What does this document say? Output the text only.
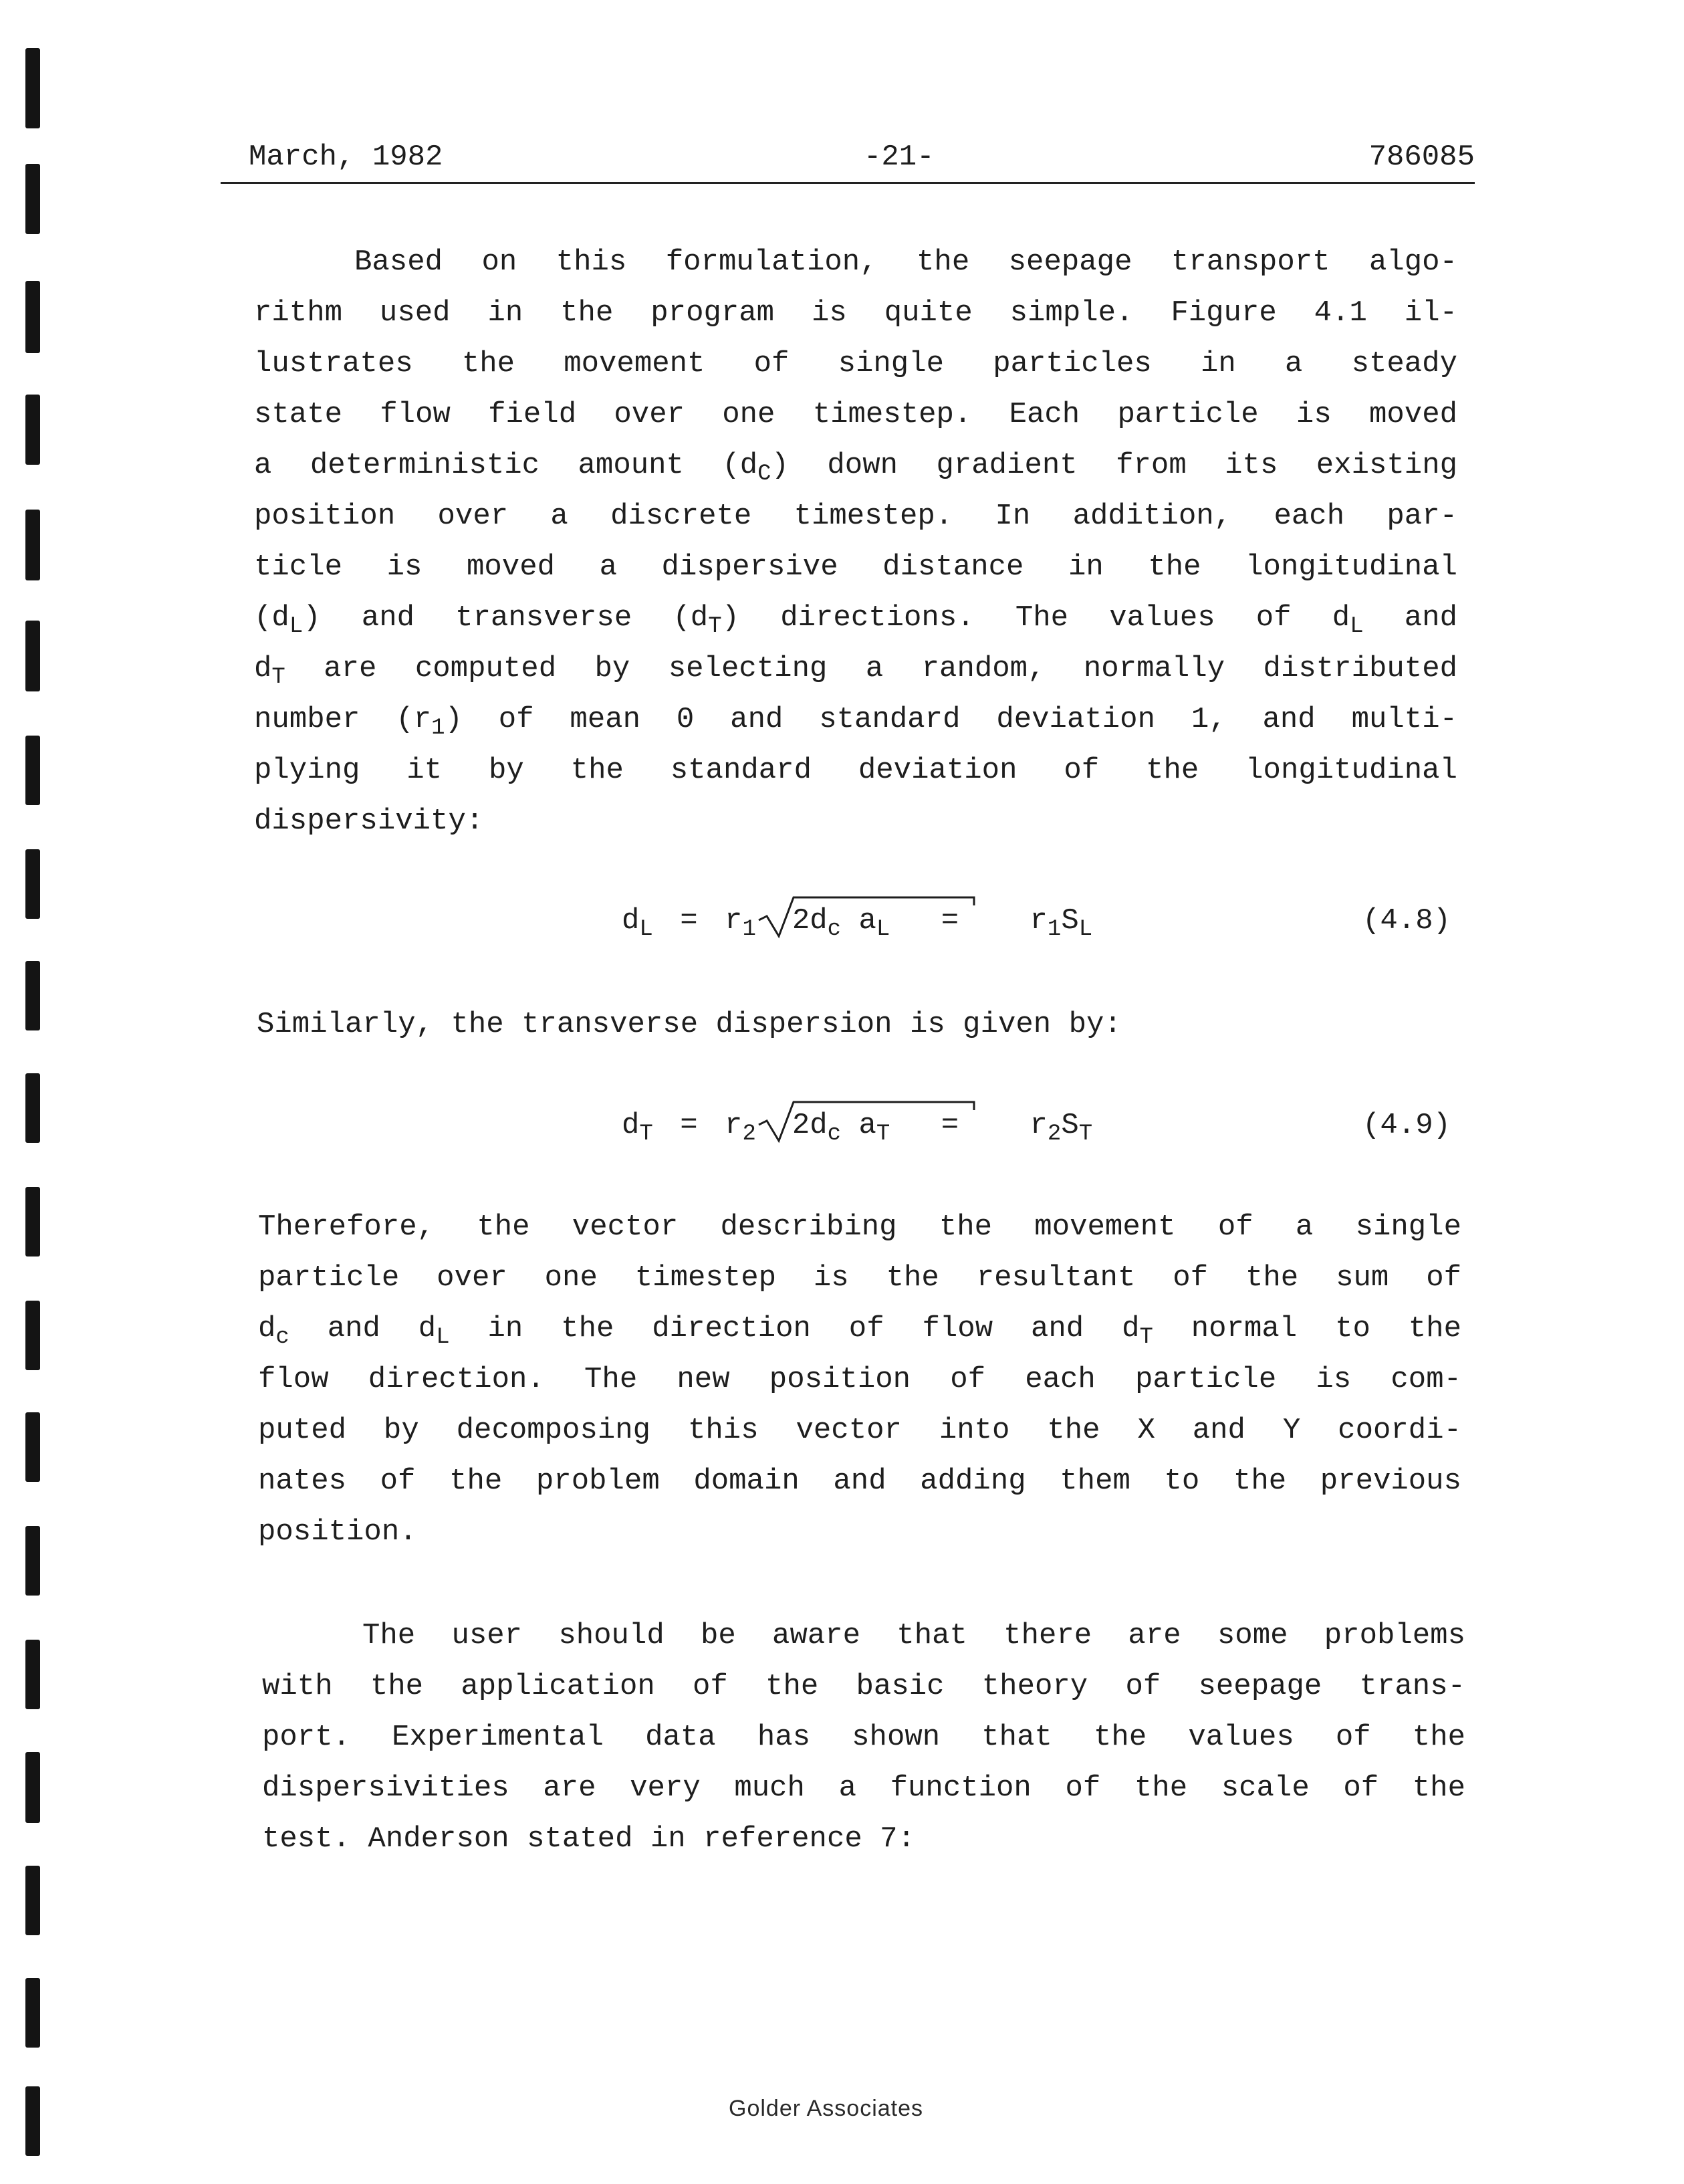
March, 1982	-21-	786085
Based on this formulation, the seepage transport algo-
rithm used in the program is quite simple. Figure 4.1 il-
lustrates the movement of single particles in a steady
state flow field over one timestep. Each particle is moved
a deterministic amount $(d_C)$ down gradient from its existing
position over a discrete timestep. In addition, each par-
ticle is moved a dispersive distance in the longitudinal
$(d_L)$ and transverse $(d_T)$ directions. The values of $d_L$ and
$d_T$ are computed by selecting a random, normally distributed
number $(r_1)$ of mean 0 and standard deviation 1, and multi-
plying it by the standard deviation of the longitudinal
dispersivity:
$d_L = r_1$ $2d_c$ $a_L = r_1S_L$	(4.8)
Similarly, the transverse dispersion is given by:
$d_T = r_2$ $2d_c$ $a_T = r_2S_T$	(4.9)
Therefore, the vector describing the movement of a single
particle over one timestep is the resultant of the sum of
$d_c$ and $d_L$ in the direction of flow and $d_T$ normal to the
flow direction. The new position of each particle is com-
puted by decomposing this vector into the X and Y coordi-
nates of the problem domain and adding them to the previous
position.
The user should be aware that there are some problems
with the application of the basic theory of seepage trans-
port. Experimental data has shown that the values of the
dispersivities are very much a function of the scale of the
test. Anderson stated in reference 7:
Golder Associates
